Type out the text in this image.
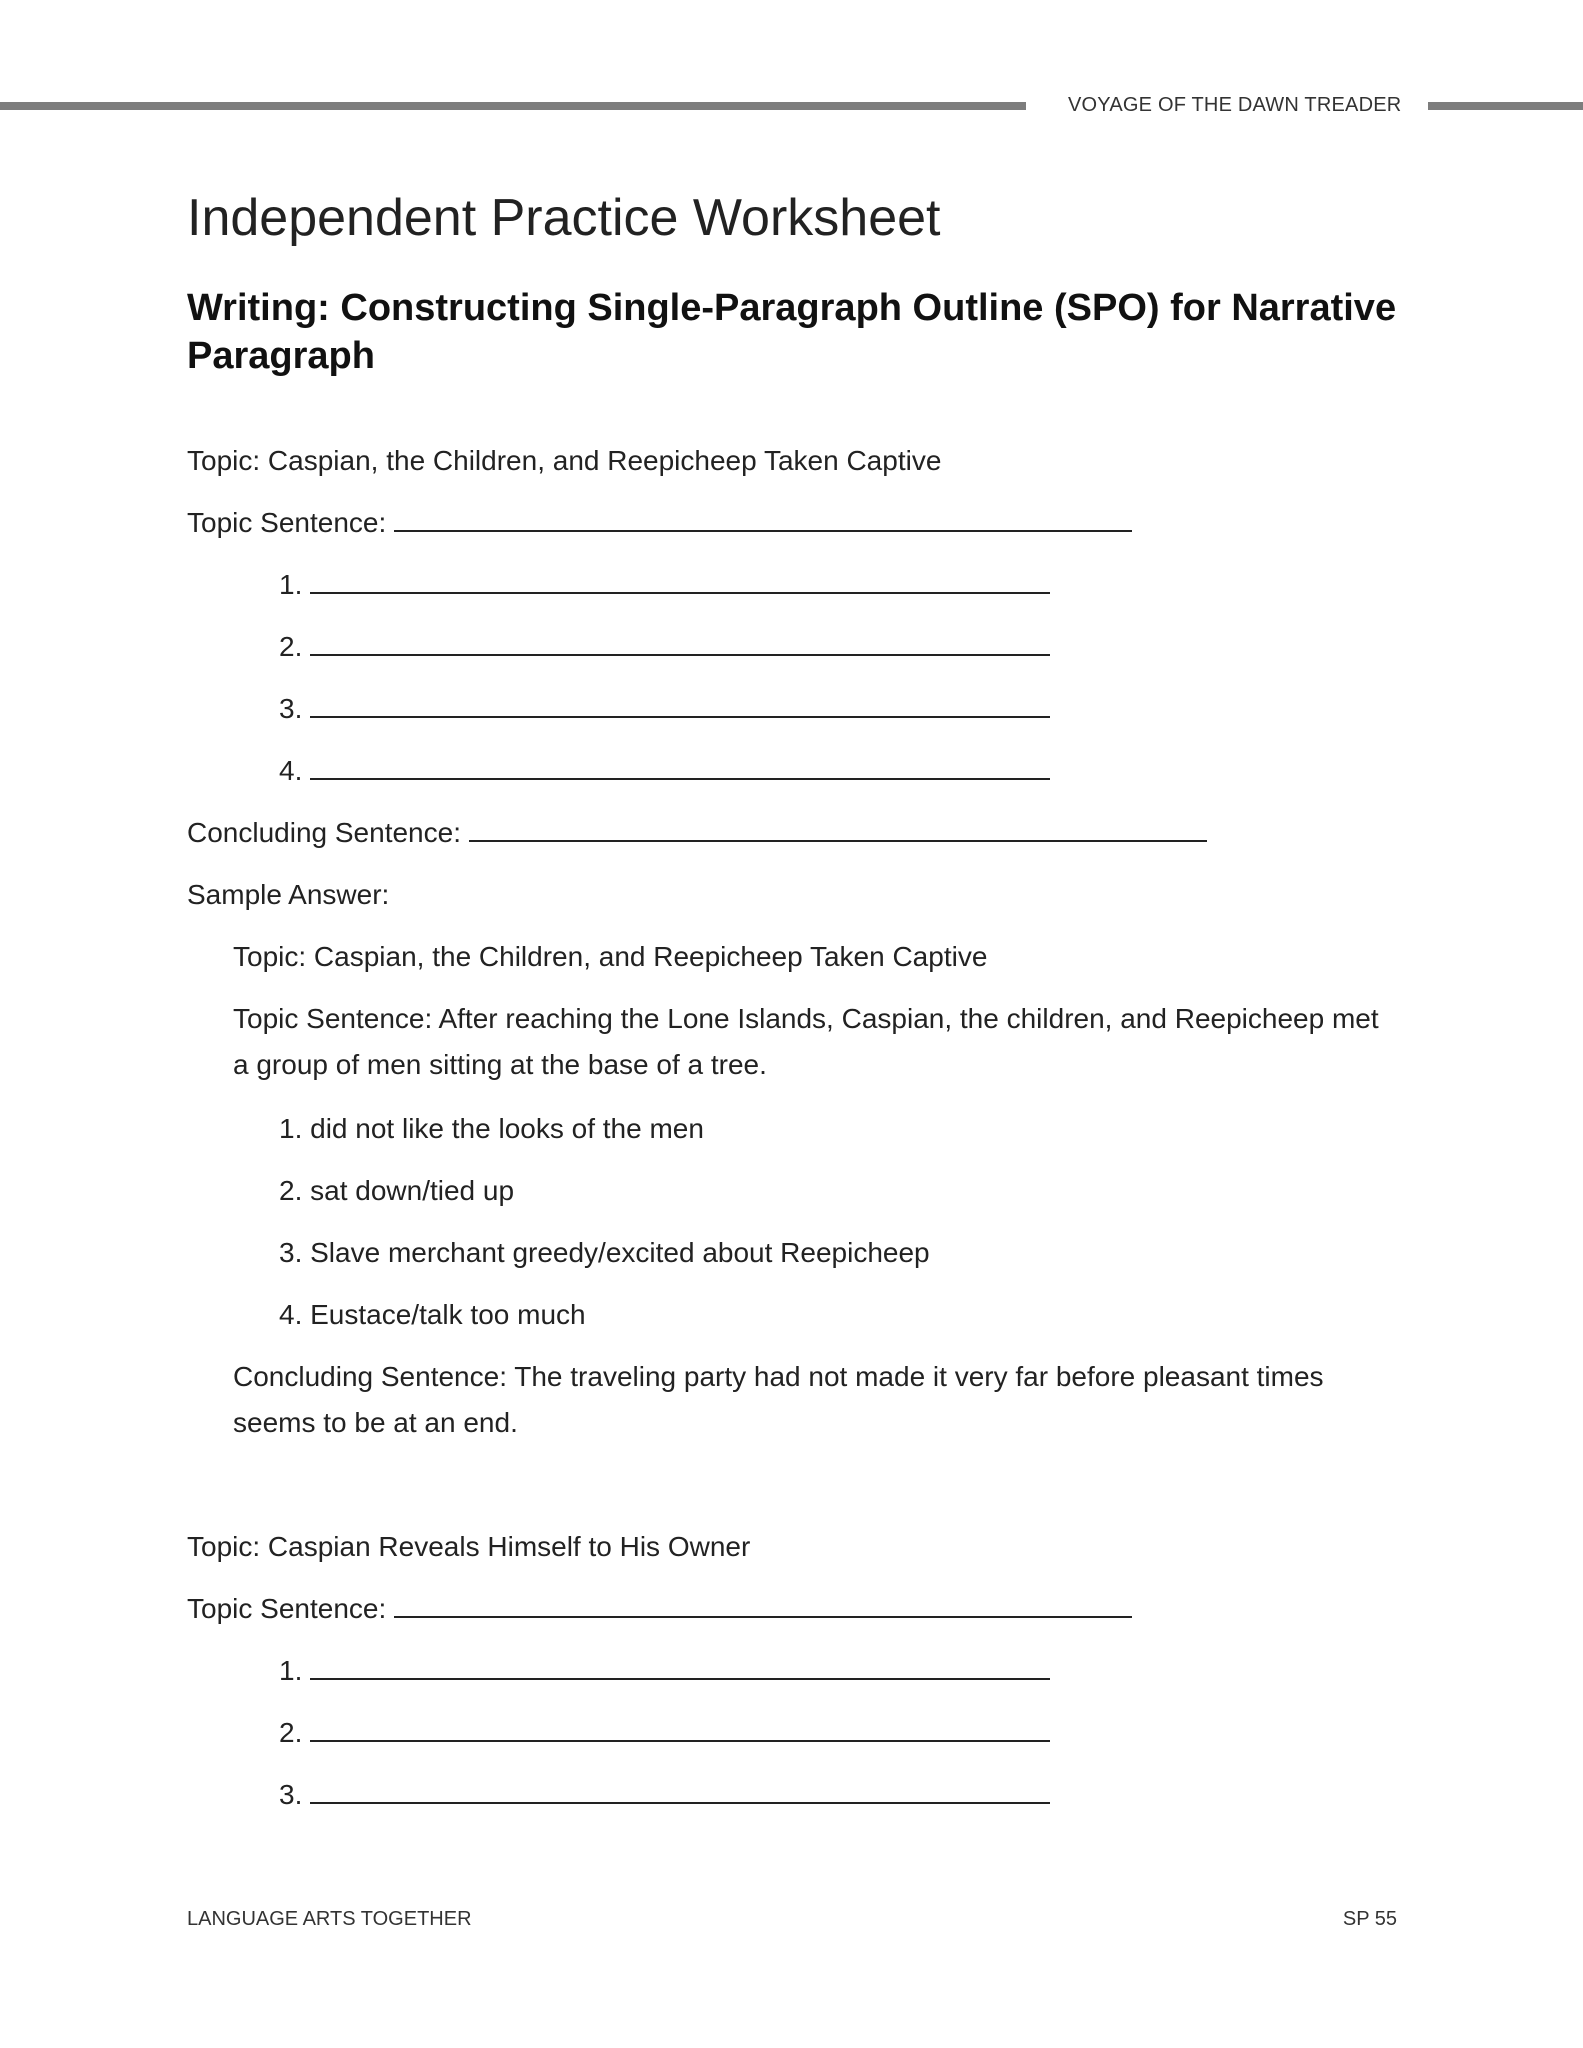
VOYAGE OF THE DAWN TREADER
Independent Practice Worksheet
Writing: Constructing Single-Paragraph Outline (SPO) for Narrative Paragraph
Topic: Caspian, the Children, and Reepicheep Taken Captive
Topic Sentence:
1.
2.
3.
4.
Concluding Sentence:
Sample Answer:
Topic: Caspian, the Children, and Reepicheep Taken Captive
Topic Sentence: After reaching the Lone Islands, Caspian, the children, and Reepicheep met a group of men sitting at the base of a tree.
1. did not like the looks of the men
2. sat down/tied up
3. Slave merchant greedy/excited about Reepicheep
4. Eustace/talk too much
Concluding Sentence: The traveling party had not made it very far before pleasant times seems to be at an end.
Topic: Caspian Reveals Himself to His Owner
Topic Sentence:
1.
2.
3.
LANGUAGE ARTS TOGETHER	SP 55
